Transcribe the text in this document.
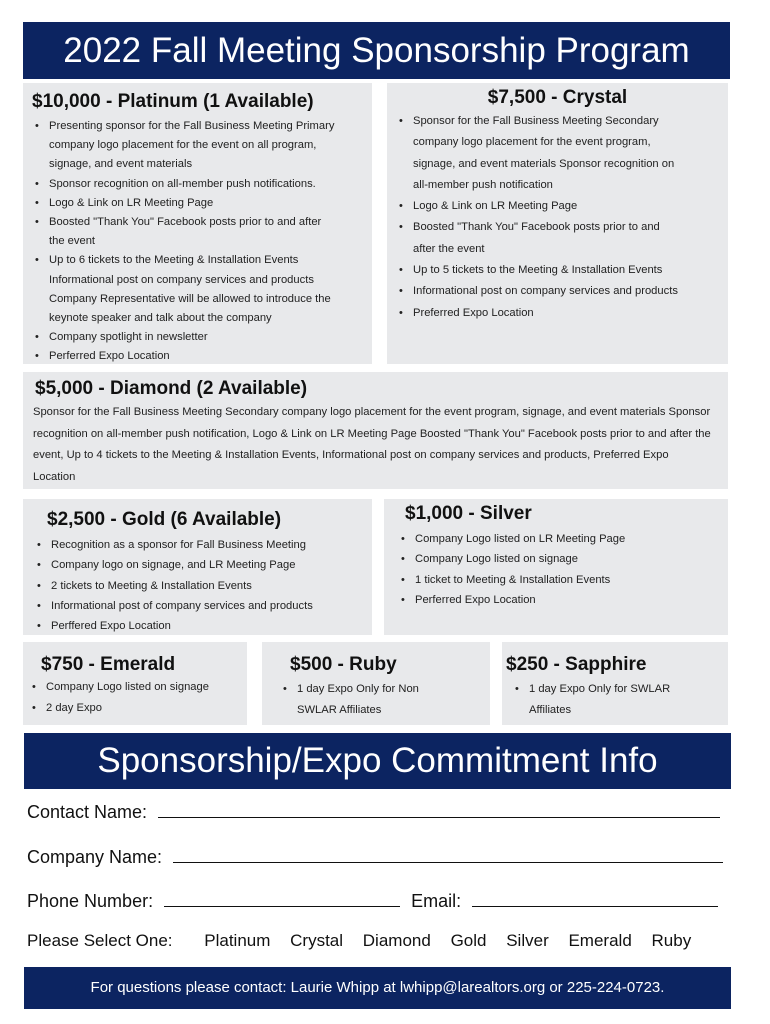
2022 Fall Meeting Sponsorship Program
$10,000 - Platinum (1 Available)
• Presenting sponsor for the Fall Business Meeting Primary
company logo placement for the event on all program,
signage, and event materials
• Sponsor recognition on all-member push notifications.
• Logo & Link on LR Meeting Page
• Boosted "Thank You" Facebook posts prior to and after
the event
• Up to 6 tickets to the Meeting & Installation Events
Informational post on company services and products
Company Representative will be allowed to introduce the
keynote speaker and talk about the company
• Company spotlight in newsletter
• Perferred Expo Location
$7,500 - Crystal
• Sponsor for the Fall Business Meeting Secondary
company logo placement for the event program,
signage, and event materials Sponsor recognition on
all-member push notification
• Logo & Link on LR Meeting Page
• Boosted "Thank You" Facebook posts prior to and
after the event
• Up to 5 tickets to the Meeting & Installation Events
• Informational post on company services and products
• Preferred Expo Location
$5,000 - Diamond (2 Available)

Sponsor for the Fall Business Meeting Secondary company logo placement for the event program, signage, and event materials Sponsor recognition on all-member push notification, Logo & Link on LR Meeting Page Boosted "Thank You" Facebook posts prior to and after the event, Up to 4 tickets to the Meeting & Installation Events, Informational post on company services and products, Preferred Expo Location

$2,500 - Gold (6 Available)
• Recognition as a sponsor for Fall Business Meeting
• Company logo on signage, and LR Meeting Page
• 2 tickets to Meeting & Installation Events
• Informational post of company services and products
• Perffered Expo Location
$1,000 - Silver
• Company Logo listed on LR Meeting Page
• Company Logo listed on signage
• 1 ticket to Meeting & Installation Events
• Perferred Expo Location
$750 - Emerald
• Company Logo listed on signage
• 2 day Expo
$500 - Ruby
• 1 day Expo Only for Non
SWLAR Affiliates
$250 - Sapphire
• 1 day Expo Only for SWLAR
Affiliates
Sponsorship/Expo Commitment Info
Contact Name:
Company Name:
Phone Number:	Email:
Please Select One: Platinum Crystal Diamond Gold Silver Emerald Ruby
For questions please contact: Laurie Whipp at lwhipp@larealtors.org or 225-224-0723.
